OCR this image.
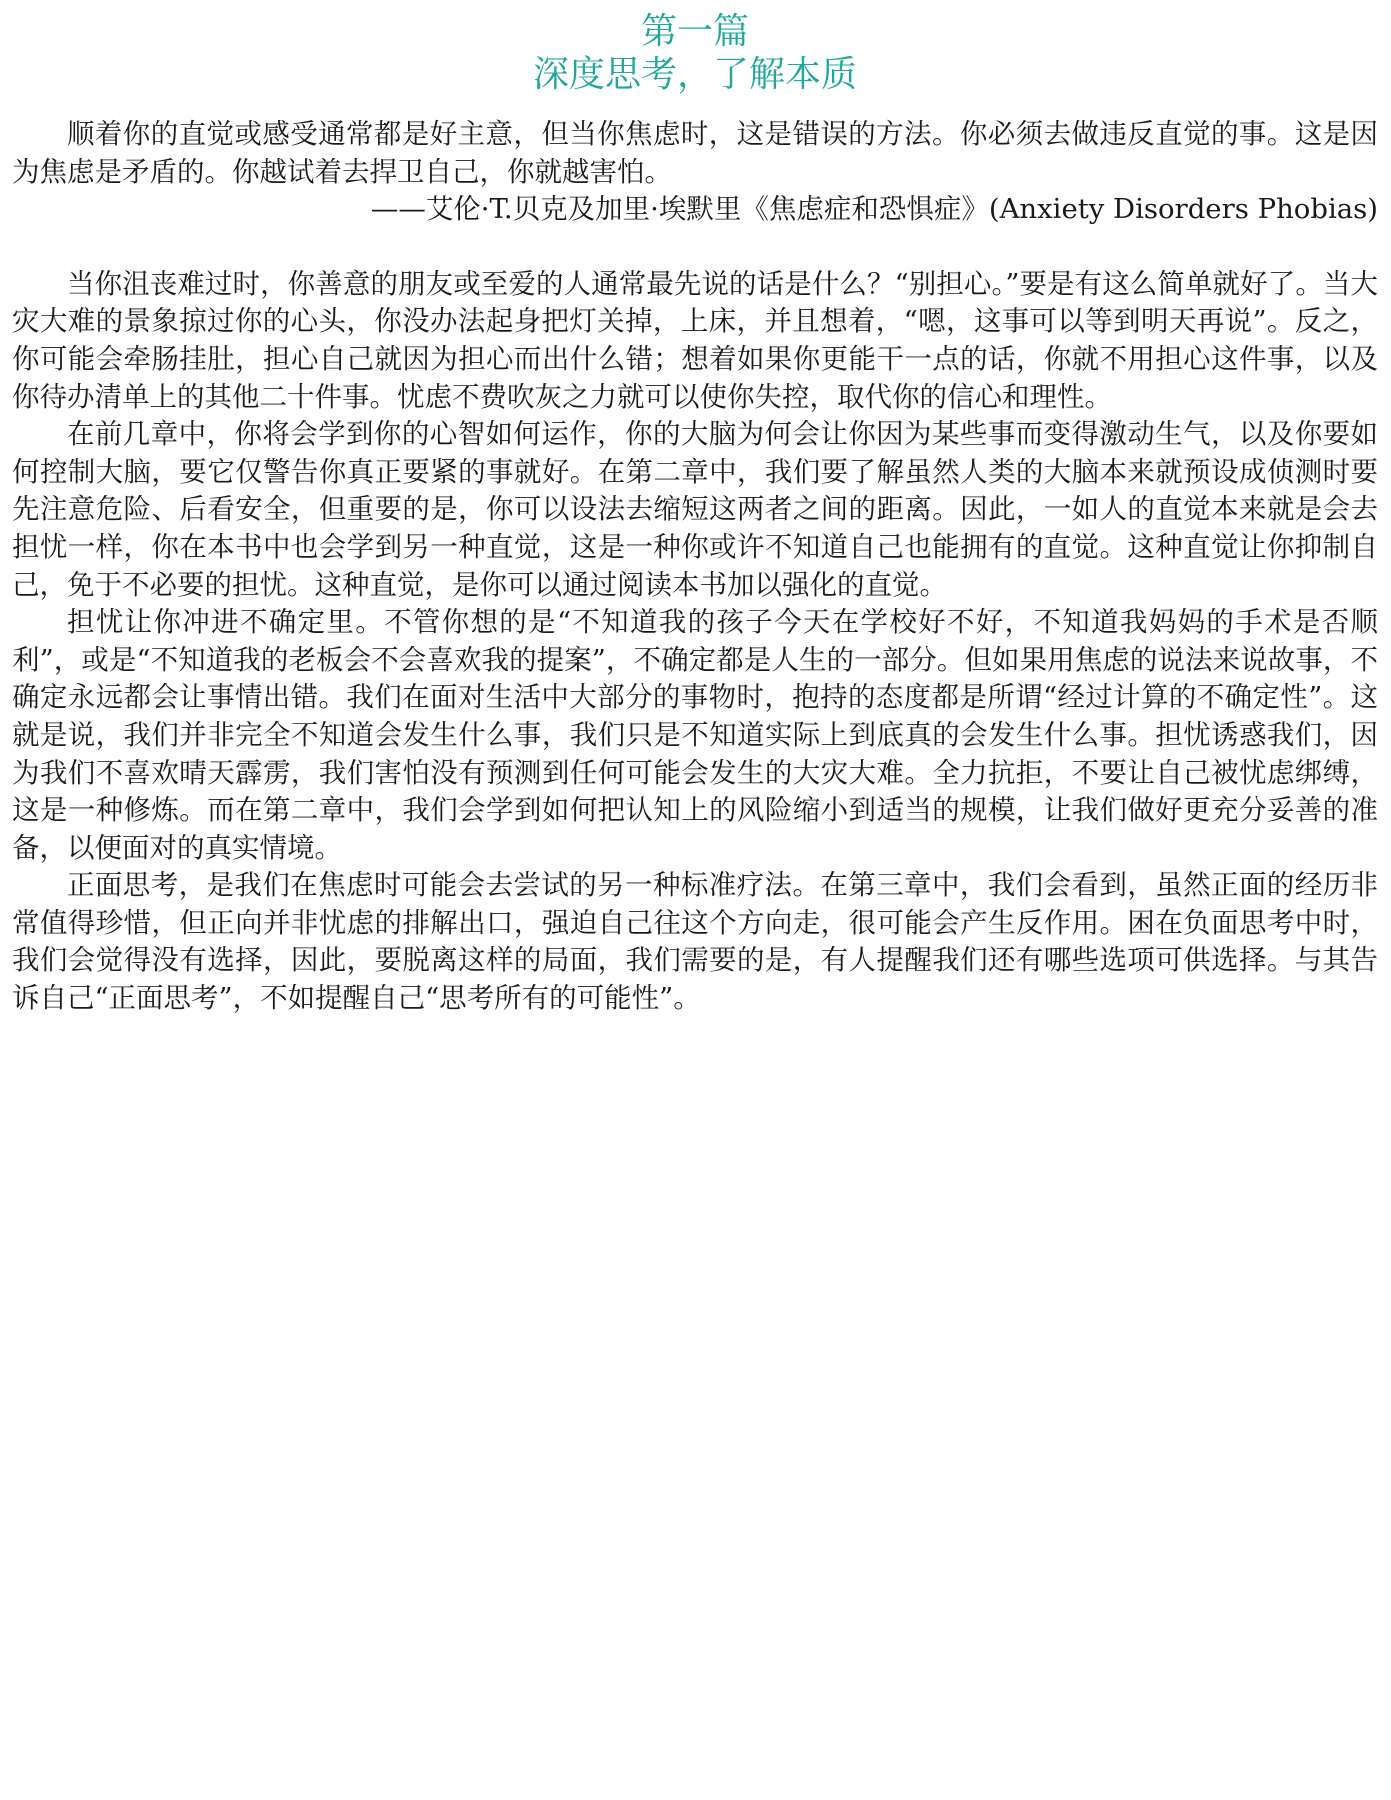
第一篇
深度思考，了解本质

顺着你的直觉或感受通常都是好主意，但当你焦虑时，这是错误的方法。你必须去做违反直觉的事。这是因为焦虑是矛盾的。你越试着去捍卫自己，你就越害怕。

——艾伦·T.贝克及加里·埃默里《焦虑症和恐惧症》(Anxiety Disorders Phobias)

当你沮丧难过时，你善意的朋友或至爱的人通常最先说的话是什么？“别担心。”要是有这么简单就好了。当大灾大难的景象掠过你的心头，你没办法起身把灯关掉，上床，并且想着，“嗯，这事可以等到明天再说”。反之，你可能会牵肠挂肚，担心自己就因为担心而出什么错；想着如果你更能干一点的话，你就不用担心这件事，以及你待办清单上的其他二十件事。忧虑不费吹灰之力就可以使你失控，取代你的信心和理性。

在前几章中，你将会学到你的心智如何运作，你的大脑为何会让你因为某些事而变得激动生气，以及你要如何控制大脑，要它仅警告你真正要紧的事就好。在第二章中，我们要了解虽然人类的大脑本来就预设成侦测时要先注意危险、后看安全，但重要的是，你可以设法去缩短这两者之间的距离。因此，一如人的直觉本来就是会去担忧一样，你在本书中也会学到另一种直觉，这是一种你或许不知道自己也能拥有的直觉。这种直觉让你抑制自己，免于不必要的担忧。这种直觉，是你可以通过阅读本书加以强化的直觉。

担忧让你冲进不确定里。不管你想的是“不知道我的孩子今天在学校好不好，不知道我妈妈的手术是否顺利”，或是“不知道我的老板会不会喜欢我的提案”，不确定都是人生的一部分。但如果用焦虑的说法来说故事，不确定永远都会让事情出错。我们在面对生活中大部分的事物时，抱持的态度都是所谓“经过计算的不确定性”。这就是说，我们并非完全不知道会发生什么事，我们只是不知道实际上到底真的会发生什么事。担忧诱惑我们，因为我们不喜欢晴天霹雳，我们害怕没有预测到任何可能会发生的大灾大难。全力抗拒，不要让自己被忧虑绑缚，这是一种修炼。而在第二章中，我们会学到如何把认知上的风险缩小到适当的规模，让我们做好更充分妥善的准备，以便面对的真实情境。

正面思考，是我们在焦虑时可能会去尝试的另一种标准疗法。在第三章中，我们会看到，虽然正面的经历非常值得珍惜，但正向并非忧虑的排解出口，强迫自己往这个方向走，很可能会产生反作用。困在负面思考中时，我们会觉得没有选择，因此，要脱离这样的局面，我们需要的是，有人提醒我们还有哪些选项可供选择。与其告诉自己“正面思考”，不如提醒自己“思考所有的可能性”。
